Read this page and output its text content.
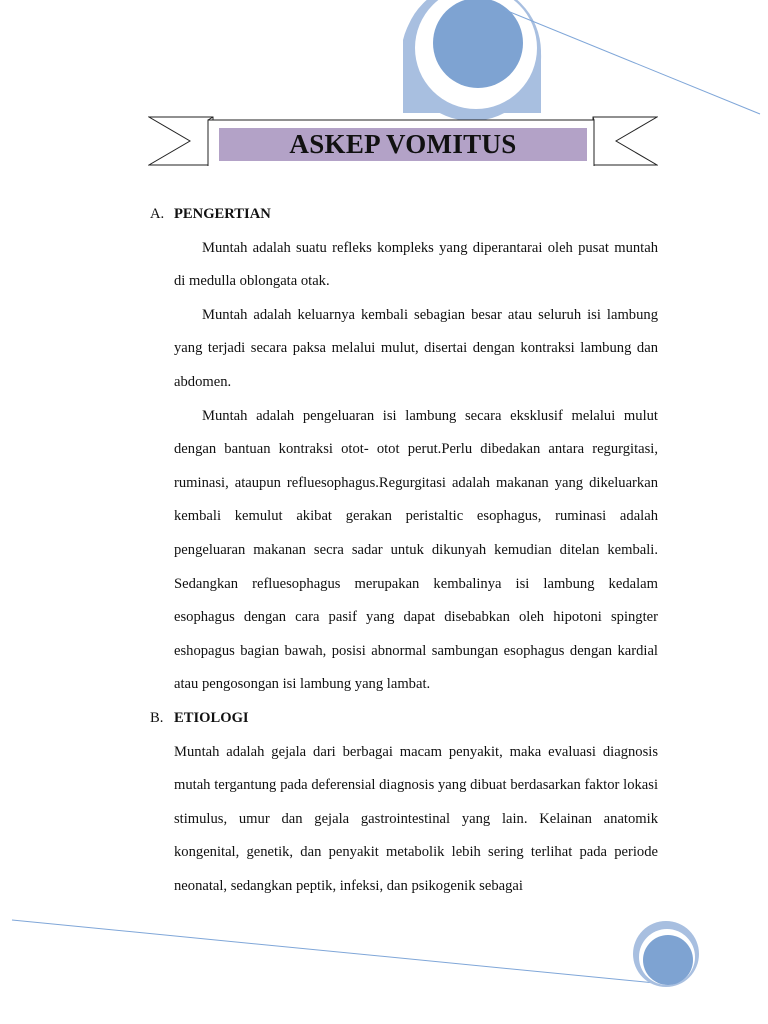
ASKEP VOMITUS
A. PENGERTIAN

Muntah adalah suatu refleks kompleks yang diperantarai oleh pusat muntah di medulla oblongata otak.

Muntah adalah keluarnya kembali sebagian besar atau seluruh isi lambung yang terjadi secara paksa melalui mulut, disertai dengan kontraksi lambung dan abdomen.

Muntah adalah pengeluaran isi lambung secara eksklusif melalui mulut dengan bantuan kontraksi otot- otot perut.Perlu dibedakan antara regurgitasi, ruminasi, ataupun refluesophagus.Regurgitasi adalah makanan yang dikeluarkan kembali kemulut akibat gerakan peristaltic esophagus, ruminasi adalah pengeluaran makanan secra sadar untuk dikunyah kemudian ditelan kembali. Sedangkan refluesophagus merupakan kembalinya isi lambung kedalam esophagus dengan cara pasif yang dapat disebabkan oleh hipotoni spingter eshopagus bagian bawah, posisi abnormal sambungan esophagus dengan kardial atau pengosongan isi lambung yang lambat.

B. ETIOLOGI

Muntah adalah gejala dari berbagai macam penyakit, maka evaluasi diagnosis mutah tergantung pada deferensial diagnosis yang dibuat berdasarkan faktor lokasi stimulus, umur dan gejala gastrointestinal yang lain. Kelainan anatomik kongenital, genetik, dan penyakit metabolik lebih sering terlihat pada periode neonatal, sedangkan peptik, infeksi, dan psikogenik sebagai
